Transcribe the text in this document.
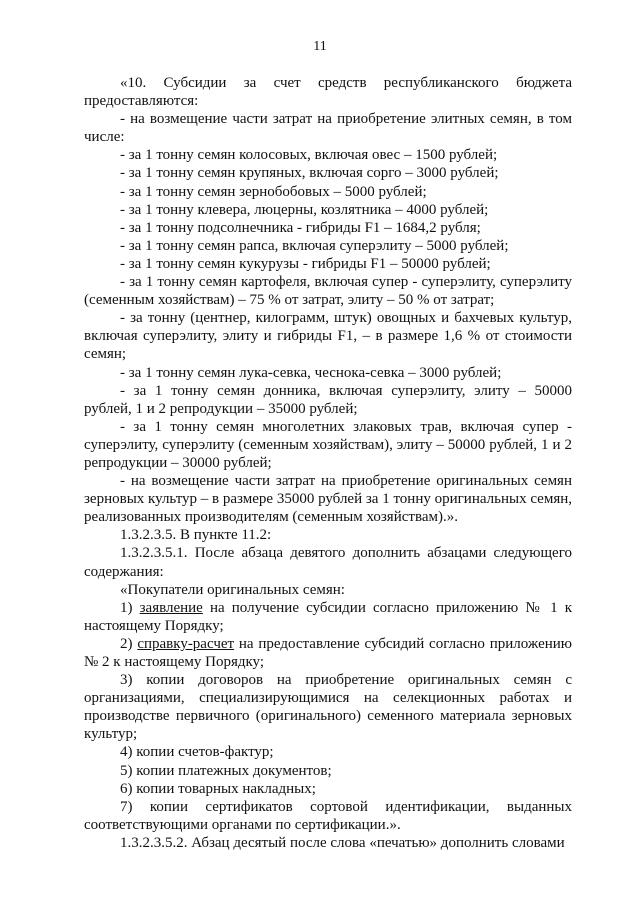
11

«10. Субсидии за счет средств республиканского бюджета предоставляются:

- на возмещение части затрат на приобретение элитных семян, в том числе:

- за 1 тонну семян колосовых, включая овес – 1500 рублей;

- за 1 тонну семян крупяных, включая сорго – 3000 рублей;

- за 1 тонну семян зернобобовых – 5000 рублей;

- за 1 тонну клевера, люцерны, козлятника – 4000 рублей;

- за 1 тонну подсолнечника - гибриды F1 – 1684,2 рубля;

- за 1 тонну семян рапса, включая суперэлиту – 5000 рублей;

- за 1 тонну семян кукурузы - гибриды F1 – 50000 рублей;

- за 1 тонну семян картофеля, включая супер - суперэлиту, суперэлиту (семенным хозяйствам) – 75 % от затрат, элиту – 50 % от затрат;

- за тонну (центнер, килограмм, штук) овощных и бахчевых культур, включая суперэлиту, элиту и гибриды F1, – в размере 1,6 % от стоимости семян;

- за 1 тонну семян лука-севка, чеснока-севка – 3000 рублей;

- за 1 тонну семян донника, включая суперэлиту, элиту – 50000 рублей, 1 и 2 репродукции – 35000 рублей;

- за 1 тонну семян многолетних злаковых трав, включая супер - суперэлиту, суперэлиту (семенным хозяйствам), элиту – 50000 рублей, 1 и 2 репродукции – 30000 рублей;

- на возмещение части затрат на приобретение оригинальных семян зерновых культур – в размере 35000 рублей за 1 тонну оригинальных семян, реализованных производителям (семенным хозяйствам).».

1.3.2.3.5. В пункте 11.2:

1.3.2.3.5.1. После абзаца девятого дополнить абзацами следующего содержания:

«Покупатели оригинальных семян:

1) заявление на получение субсидии согласно приложению № 1 к настоящему Порядку;

2) справку-расчет на предоставление субсидий согласно приложению № 2 к настоящему Порядку;

3) копии договоров на приобретение оригинальных семян с организациями, специализирующимися на селекционных работах и производстве первичного (оригинального) семенного материала зерновых культур;

4) копии счетов-фактур;

5) копии платежных документов;

6) копии товарных накладных;

7) копии сертификатов сортовой идентификации, выданных соответствующими органами по сертификации.».

1.3.2.3.5.2. Абзац десятый после слова «печатью» дополнить словами
